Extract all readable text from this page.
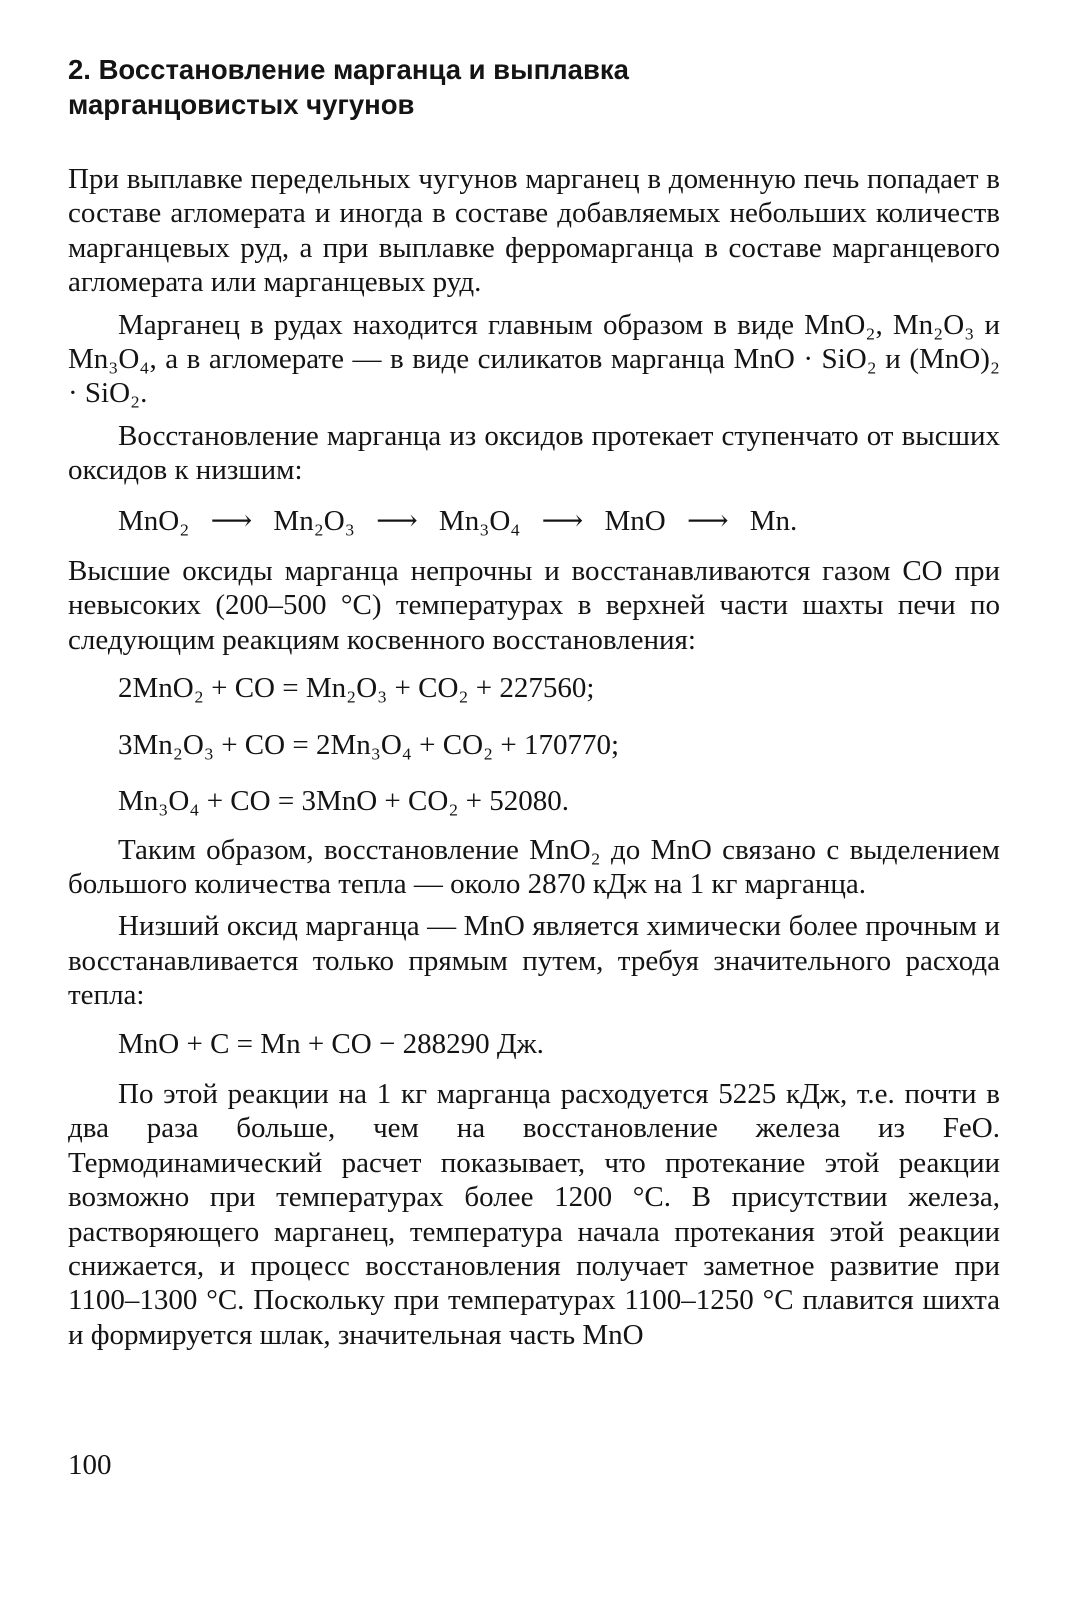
2. Восстановление марганца и выплавка
марганцовистых чугунов

При выплавке передельных чугунов марганец в доменную печь попадает в составе агломерата и иногда в составе добавляемых небольших количеств марганцевых руд, а при выплавке ферромарганца в составе марганцевого агломерата или марганцевых руд.

Марганец в рудах находится главным образом в виде MnO₂, Mn₂O₃ и Mn₃O₄, а в агломерате — в виде силикатов марганца MnO · SiO₂ и (MnO)₂ · SiO₂.

Восстановление марганца из оксидов протекает ступенчато от высших оксидов к низшим:

MnO₂ ⟶ Mn₂O₃ ⟶ Mn₃O₄ ⟶ MnO ⟶ Mn.

Высшие оксиды марганца непрочны и восстанавливаются газом CO при невысоких (200–500 °С) температурах в верхней части шахты печи по следующим реакциям косвенного восстановления:

2MnO₂ + CO = Mn₂O₃ + CO₂ + 227560;

3Mn₂O₃ + CO = 2Mn₃O₄ + CO₂ + 170770;

Mn₃O₄ + CO = 3MnO + CO₂ + 52080.

Таким образом, восстановление MnO₂ до MnO связано с выделением большого количества тепла — около 2870 кДж на 1 кг марганца.

Низший оксид марганца — MnO является химически более прочным и восстанавливается только прямым путем, требуя значительного расхода тепла:

MnO + C = Mn + CO − 288290 Дж.

По этой реакции на 1 кг марганца расходуется 5225 кДж, т.е. почти в два раза больше, чем на восстановление железа из FeO. Термодинамический расчет показывает, что протекание этой реакции возможно при температурах более 1200 °С. В присутствии железа, растворяющего марганец, температура начала протекания этой реакции снижается, и процесс восстановления получает заметное развитие при 1100–1300 °С. Поскольку при температурах 1100–1250 °С плавится шихта и формируется шлак, значительная часть MnO

100
